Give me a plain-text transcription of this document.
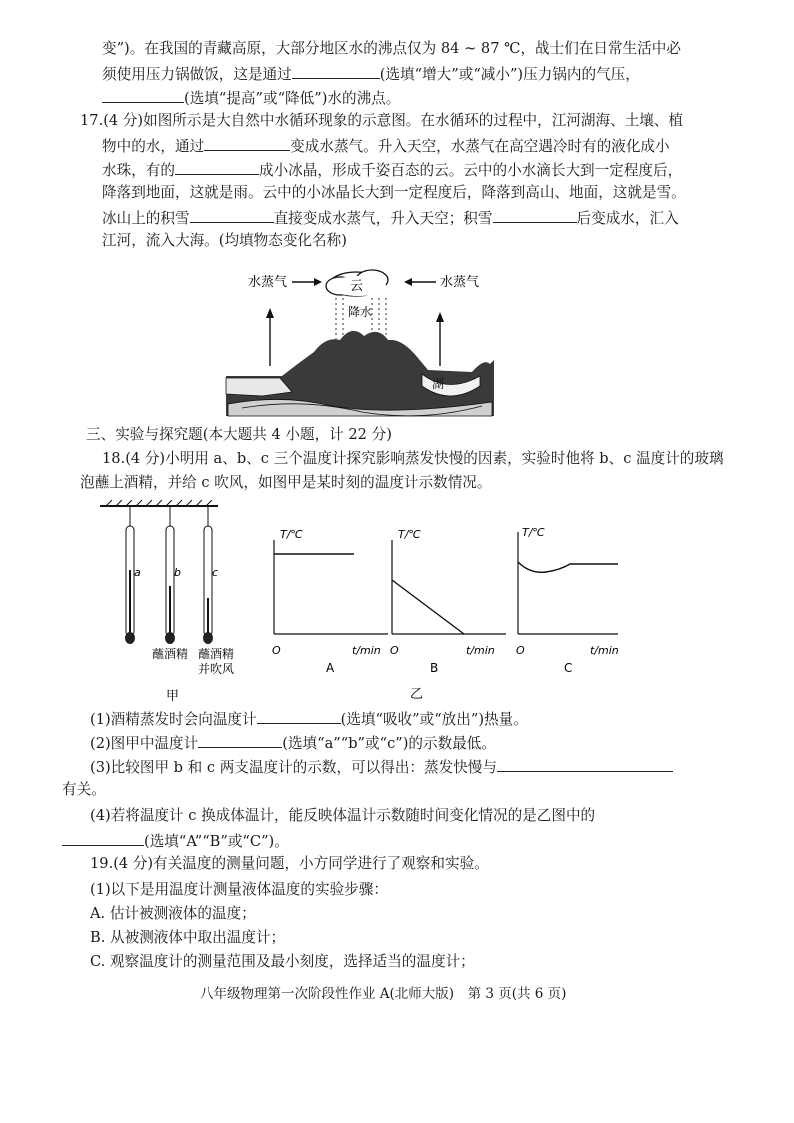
变”)。在我国的青藏高原，大部分地区水的沸点仅为 84 ~ 87 ℃，战士们在日常生活中必
须使用压力锅做饭，这是通过	(选填“增大”或“减小”)压力锅内的气压，
(选填“提高”或“降低”)水的沸点。
17.(4 分)如图所示是大自然中水循环现象的示意图。在水循环的过程中，江河湖海、土壤、植
物中的水，通过	变成水蒸气。升入天空，水蒸气在高空遇冷时有的液化成小
水珠，有的	成小冰晶，形成千姿百态的云。云中的小水滴长大到一定程度后，
降落到地面，这就是雨。云中的小冰晶长大到一定程度后，降落到高山、地面，这就是雪。
冰山上的积雪	直接变成水蒸气，升入天空；积雪	后变成水，汇入
江河，流入大海。(均填物态变化名称)
水蒸气	云	水蒸气
降水
湖
三、实验与探究题(本大题共 4 小题，计 22 分)
18.(4 分)小明用 a、b、c 三个温度计探究影响蒸发快慢的因素，实验时他将 b、c 温度计的玻璃
泡蘸上酒精，并给 c 吹风，如图甲是某时刻的温度计示数情况。
a	b	c
蘸酒精 蘸酒精
并吹风
甲
T/℃
t/min
O
A
T/℃
t/min
O
B
T/℃
t/min
O
C
乙
(1)酒精蒸发时会向温度计	(选填“吸收”或“放出”)热量。
(2)图甲中温度计	(选填“a”“b”或“c”)的示数最低。
(3)比较图甲 b 和 c 两支温度计的示数，可以得出：蒸发快慢与
有关。
(4)若将温度计 c 换成体温计，能反映体温计示数随时间变化情况的是乙图中的
(选填“A”“B”或“C”)。
19.(4 分)有关温度的测量问题，小方同学进行了观察和实验。
(1)以下是用温度计测量液体温度的实验步骤：
A. 估计被测液体的温度；
B. 从被测液体中取出温度计；
C. 观察温度计的测量范围及最小刻度，选择适当的温度计；
八年级物理第一次阶段性作业 A(北师大版)　第 3 页(共 6 页)
